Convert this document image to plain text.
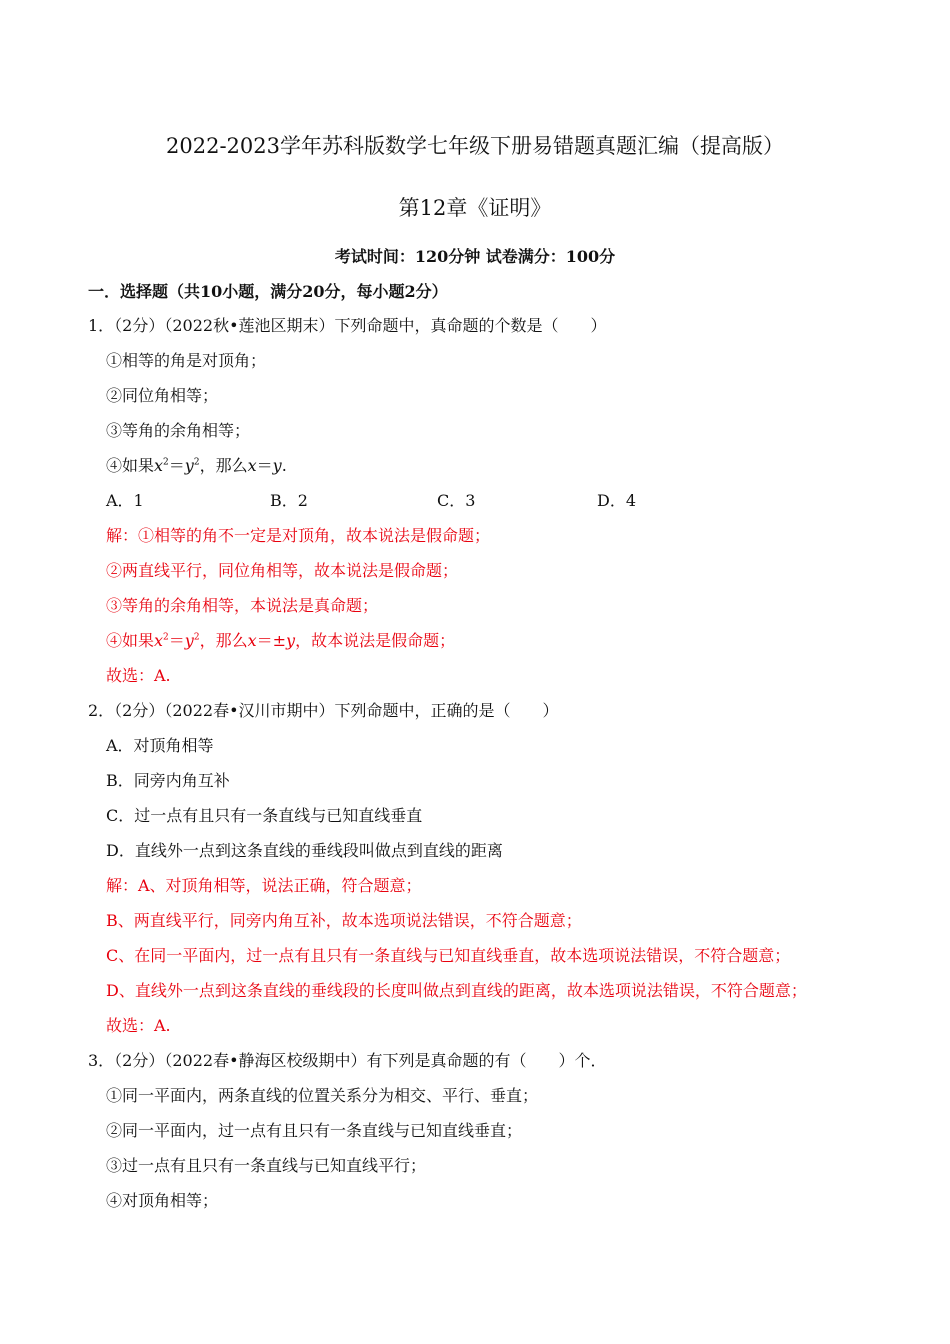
2022-2023学年苏科版数学七年级下册易错题真题汇编（提高版）
第12章《证明》
考试时间：120分钟 试卷满分：100分
一．选择题（共10小题，满分20分，每小题2分）
1．（2分）（2022秋•莲池区期末）下列命题中，真命题的个数是（　　）
①相等的角是对顶角；
②同位角相等；
③等角的余角相等；
④如果$x^2=y^2$，那么x＝y.
A．1	B．2	C．3	D．4
解：①相等的角不一定是对顶角，故本说法是假命题；
②两直线平行，同位角相等，故本说法是假命题；
③等角的余角相等，本说法是真命题；
④如果$x^2=y^2$，那么x＝±y，故本说法是假命题；
故选：A.
2．（2分）（2022春•汉川市期中）下列命题中，正确的是（　　）
A．对顶角相等
B．同旁内角互补
C．过一点有且只有一条直线与已知直线垂直
D．直线外一点到这条直线的垂线段叫做点到直线的距离
解：A、对顶角相等，说法正确，符合题意；
B、两直线平行，同旁内角互补，故本选项说法错误，不符合题意；
C、在同一平面内，过一点有且只有一条直线与已知直线垂直，故本选项说法错误，不符合题意；
D、直线外一点到这条直线的垂线段的长度叫做点到直线的距离，故本选项说法错误，不符合题意；
故选：A.
3．（2分）（2022春•静海区校级期中）有下列是真命题的有（　　）个．
①同一平面内，两条直线的位置关系分为相交、平行、垂直；
②同一平面内，过一点有且只有一条直线与已知直线垂直；
③过一点有且只有一条直线与已知直线平行；
④对顶角相等；
